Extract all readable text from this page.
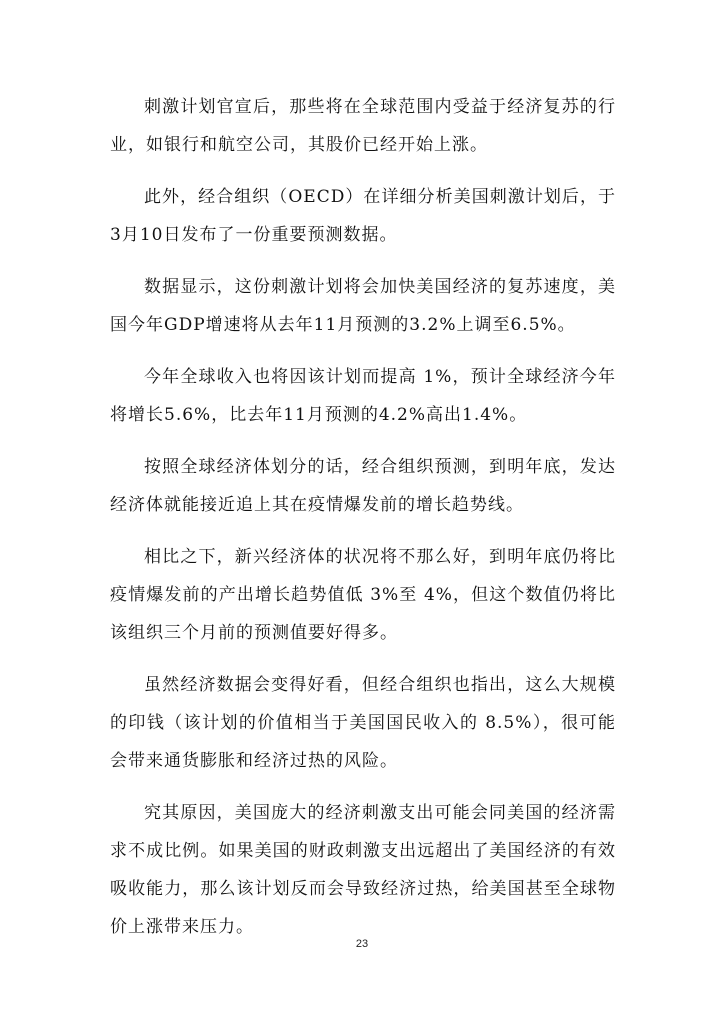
刺激计划官宣后，那些将在全球范围内受益于经济复苏的行业，如银行和航空公司，其股价已经开始上涨。

此外，经合组织（OECD）在详细分析美国刺激计划后，于3月10日发布了一份重要预测数据。

数据显示，这份刺激计划将会加快美国经济的复苏速度，美国今年GDP增速将从去年11月预测的3.2%上调至6.5%。

今年全球收入也将因该计划而提高 1%，预计全球经济今年将增长5.6%，比去年11月预测的4.2%高出1.4%。

按照全球经济体划分的话，经合组织预测，到明年底，发达经济体就能接近追上其在疫情爆发前的增长趋势线。

相比之下，新兴经济体的状况将不那么好，到明年底仍将比疫情爆发前的产出增长趋势值低 3%至 4%，但这个数值仍将比该组织三个月前的预测值要好得多。

虽然经济数据会变得好看，但经合组织也指出，这么大规模的印钱（该计划的价值相当于美国国民收入的 8.5%），很可能会带来通货膨胀和经济过热的风险。

究其原因，美国庞大的经济刺激支出可能会同美国的经济需求不成比例。如果美国的财政刺激支出远超出了美国经济的有效吸收能力，那么该计划反而会导致经济过热，给美国甚至全球物价上涨带来压力。

23
